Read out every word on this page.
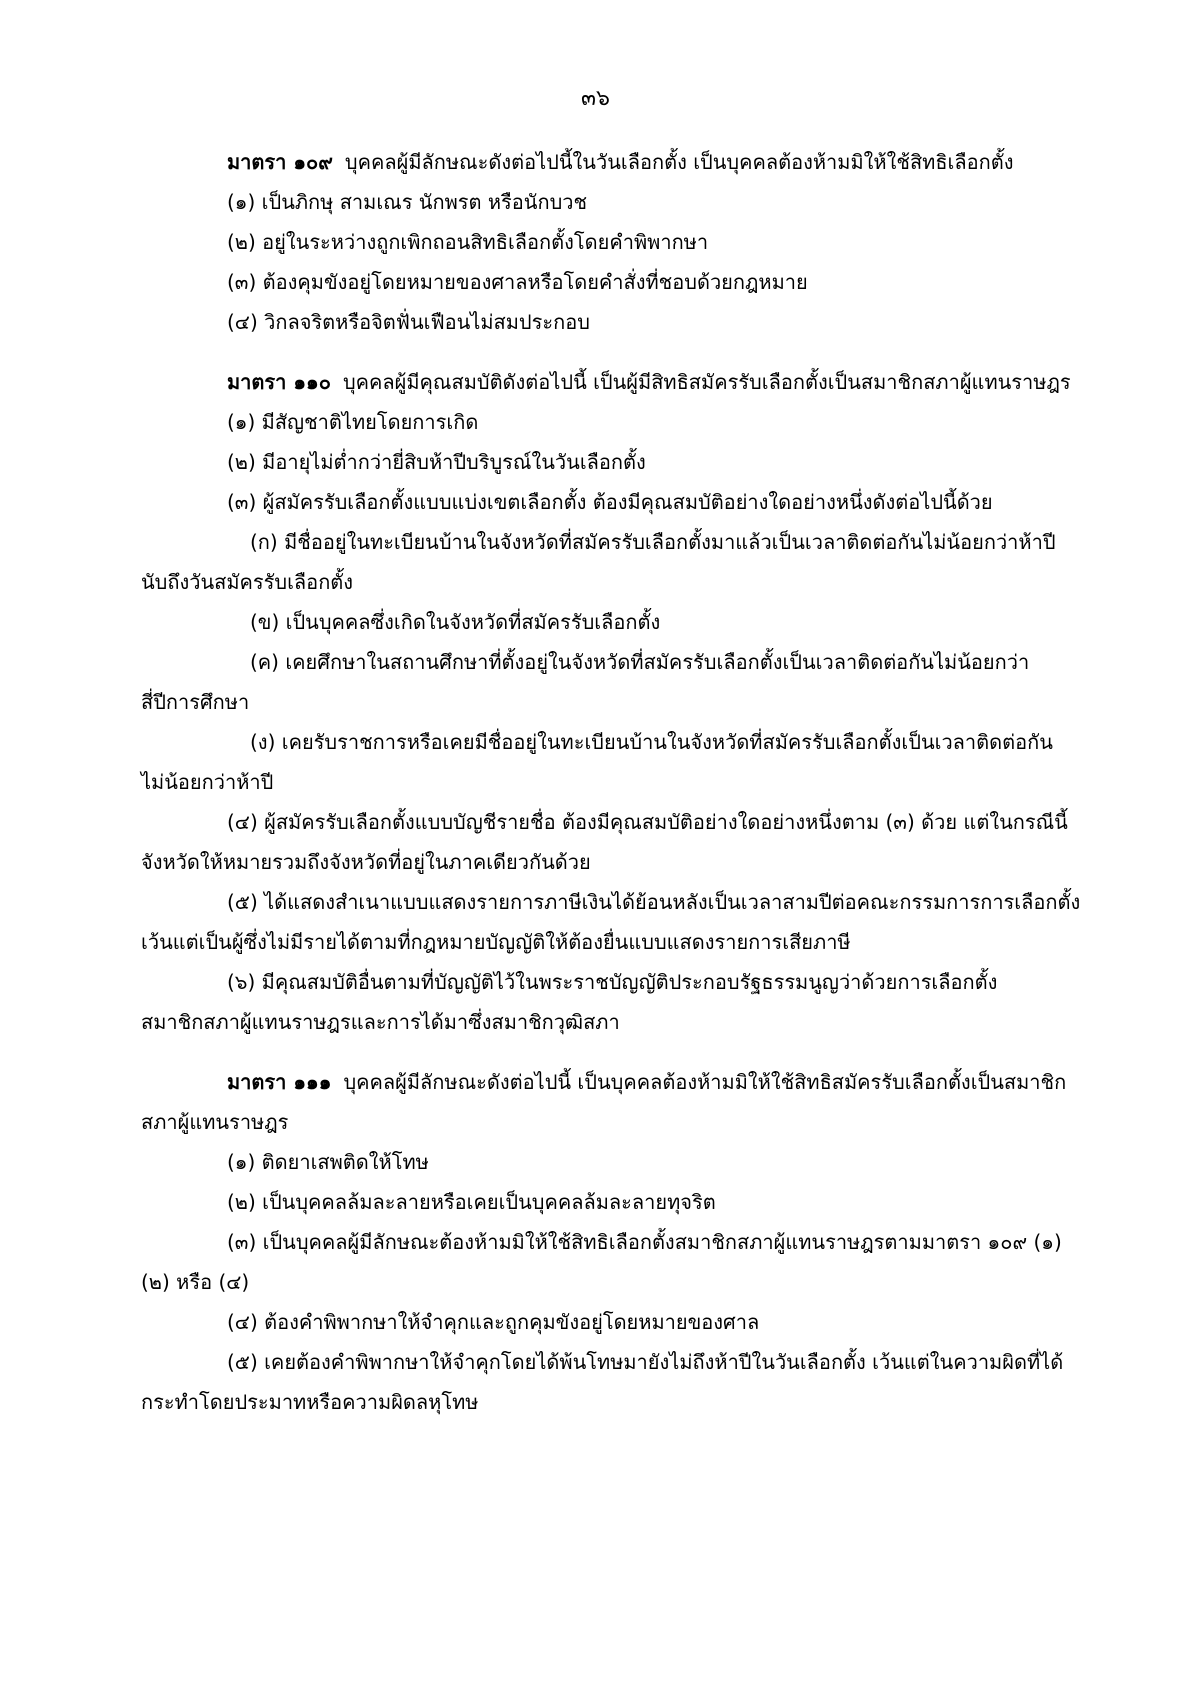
๓๖
มาตรา ๑๐๙ บุคคลผู้มีลักษณะดังต่อไปนี้ในวันเลือกตั้ง เป็นบุคคลต้องห้ามมิให้ใช้สิทธิเลือกตั้ง
(๑) เป็นภิกษุ สามเณร นักพรต หรือนักบวช
(๒) อยู่ในระหว่างถูกเพิกถอนสิทธิเลือกตั้งโดยคำพิพากษา
(๓) ต้องคุมขังอยู่โดยหมายของศาลหรือโดยคำสั่งที่ชอบด้วยกฎหมาย
(๔) วิกลจริตหรือจิตฟั่นเฟือนไม่สมประกอบ
มาตรา ๑๑๐ บุคคลผู้มีคุณสมบัติดังต่อไปนี้ เป็นผู้มีสิทธิสมัครรับเลือกตั้งเป็นสมาชิกสภาผู้แทนราษฎร
(๑) มีสัญชาติไทยโดยการเกิด
(๒) มีอายุไม่ต่ำกว่ายี่สิบห้าปีบริบูรณ์ในวันเลือกตั้ง
(๓) ผู้สมัครรับเลือกตั้งแบบแบ่งเขตเลือกตั้ง ต้องมีคุณสมบัติอย่างใดอย่างหนึ่งดังต่อไปนี้ด้วย
(ก) มีชื่ออยู่ในทะเบียนบ้านในจังหวัดที่สมัครรับเลือกตั้งมาแล้วเป็นเวลาติดต่อกันไม่น้อยกว่าห้าปี
นับถึงวันสมัครรับเลือกตั้ง
(ข) เป็นบุคคลซึ่งเกิดในจังหวัดที่สมัครรับเลือกตั้ง
(ค) เคยศึกษาในสถานศึกษาที่ตั้งอยู่ในจังหวัดที่สมัครรับเลือกตั้งเป็นเวลาติดต่อกันไม่น้อยกว่า
สี่ปีการศึกษา
(ง) เคยรับราชการหรือเคยมีชื่ออยู่ในทะเบียนบ้านในจังหวัดที่สมัครรับเลือกตั้งเป็นเวลาติดต่อกัน
ไม่น้อยกว่าห้าปี
(๔) ผู้สมัครรับเลือกตั้งแบบบัญชีรายชื่อ ต้องมีคุณสมบัติอย่างใดอย่างหนึ่งตาม (๓) ด้วย แต่ในกรณีนี้
จังหวัดให้หมายรวมถึงจังหวัดที่อยู่ในภาคเดียวกันด้วย
(๕) ได้แสดงสำเนาแบบแสดงรายการภาษีเงินได้ย้อนหลังเป็นเวลาสามปีต่อคณะกรรมการการเลือกตั้ง
เว้นแต่เป็นผู้ซึ่งไม่มีรายได้ตามที่กฎหมายบัญญัติให้ต้องยื่นแบบแสดงรายการเสียภาษี
(๖) มีคุณสมบัติอื่นตามที่บัญญัติไว้ในพระราชบัญญัติประกอบรัฐธรรมนูญว่าด้วยการเลือกตั้ง
สมาชิกสภาผู้แทนราษฎรและการได้มาซึ่งสมาชิกวุฒิสภา
มาตรา ๑๑๑ บุคคลผู้มีลักษณะดังต่อไปนี้ เป็นบุคคลต้องห้ามมิให้ใช้สิทธิสมัครรับเลือกตั้งเป็นสมาชิก
สภาผู้แทนราษฎร
(๑) ติดยาเสพติดให้โทษ
(๒) เป็นบุคคลล้มละลายหรือเคยเป็นบุคคลล้มละลายทุจริต
(๓) เป็นบุคคลผู้มีลักษณะต้องห้ามมิให้ใช้สิทธิเลือกตั้งสมาชิกสภาผู้แทนราษฎรตามมาตรา ๑๐๙ (๑)
(๒) หรือ (๔)
(๔) ต้องคำพิพากษาให้จำคุกและถูกคุมขังอยู่โดยหมายของศาล
(๕) เคยต้องคำพิพากษาให้จำคุกโดยได้พ้นโทษมายังไม่ถึงห้าปีในวันเลือกตั้ง เว้นแต่ในความผิดที่ได้
กระทำโดยประมาทหรือความผิดลหุโทษ
